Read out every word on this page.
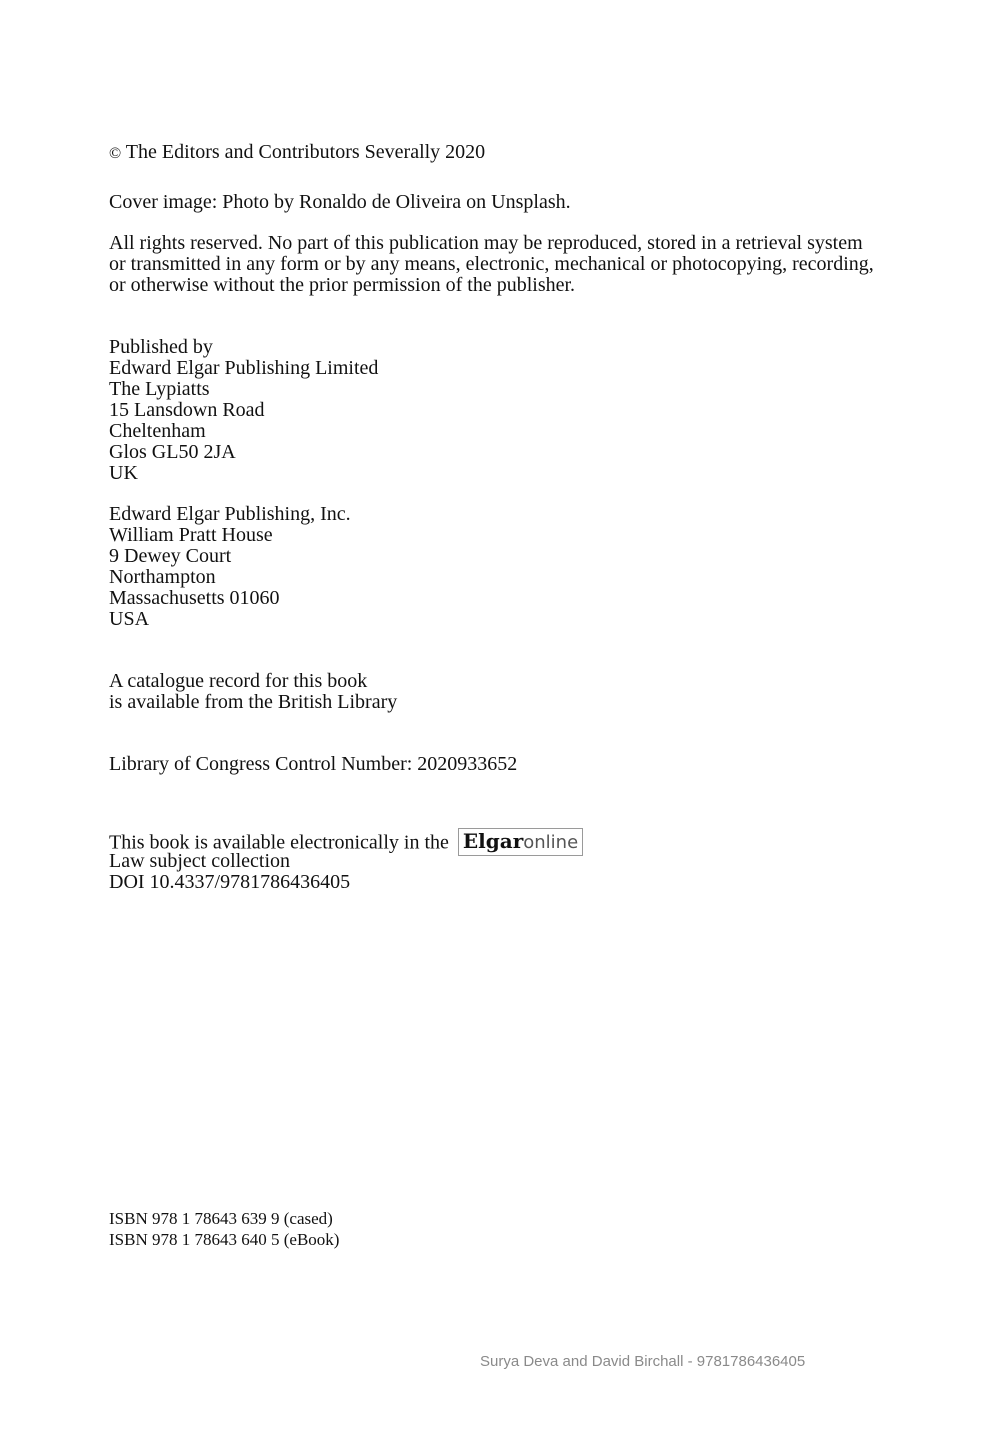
© The Editors and Contributors Severally 2020
Cover image: Photo by Ronaldo de Oliveira on Unsplash.
All rights reserved. No part of this publication may be reproduced, stored in a retrieval system
or transmitted in any form or by any means, electronic, mechanical or photocopying, recording,
or otherwise without the prior permission of the publisher.
Published by
Edward Elgar Publishing Limited
The Lypiatts
15 Lansdown Road
Cheltenham
Glos GL50 2JA
UK
Edward Elgar Publishing, Inc.
William Pratt House
9 Dewey Court
Northampton
Massachusetts 01060
USA
A catalogue record for this book
is available from the British Library
Library of Congress Control Number: 2020933652
This book is available electronically in the Elgaronline
Law subject collection
DOI 10.4337/9781786436405
ISBN 978 1 78643 639 9 (cased)
ISBN 978 1 78643 640 5 (eBook)
Surya Deva and David Birchall - 9781786436405
